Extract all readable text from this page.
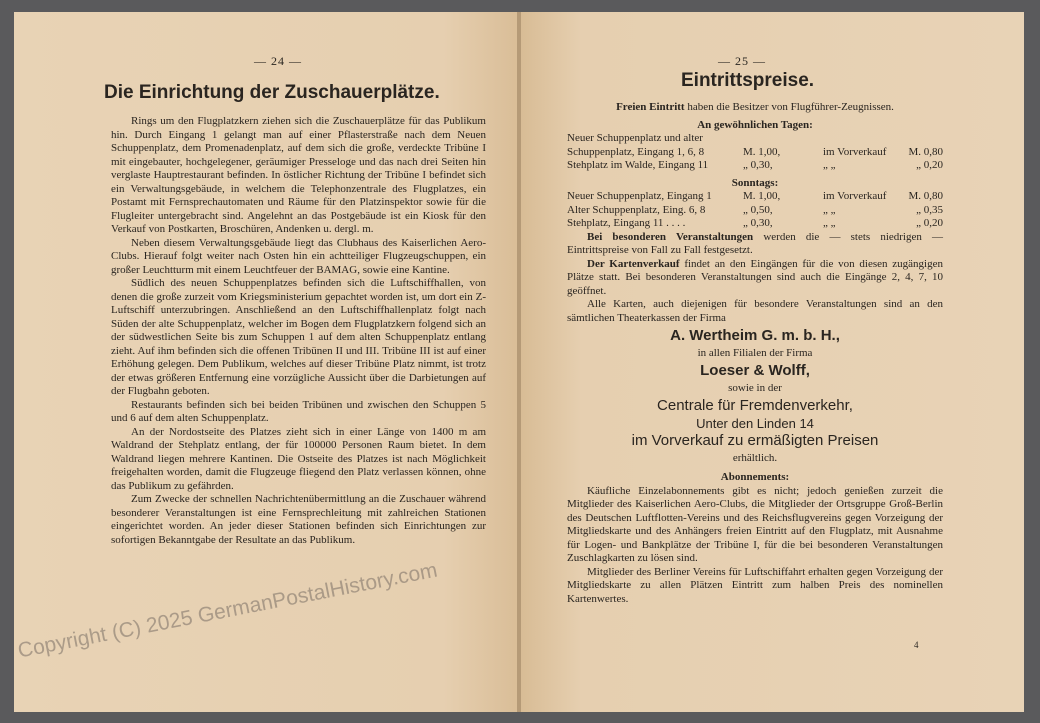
— 24 —
Die Einrichtung der Zuschauerplätze.

Rings um den Flugplatzkern ziehen sich die Zuschauerplätze für das Publikum hin. Durch Eingang 1 gelangt man auf einer Pflasterstraße nach dem Neuen Schuppenplatz, dem Promenadenplatz, auf dem sich die große, verdeckte Tribüne I mit eingebauter, hochgelegener, geräumiger Presseloge und das nach drei Seiten hin verglaste Hauptrestaurant befinden. In östlicher Richtung der Tribüne I befindet sich ein Verwaltungsgebäude, in welchem die Telephonzentrale des Flugplatzes, ein Postamt mit Fernsprechautomaten und Räume für den Platzinspektor sowie für die Flugleiter untergebracht sind. Angelehnt an das Postgebäude ist ein Kiosk für den Verkauf von Postkarten, Broschüren, Andenken u. dergl. m.

Neben diesem Verwaltungsgebäude liegt das Clubhaus des Kaiserlichen Aero-Clubs. Hierauf folgt weiter nach Osten hin ein achtteiliger Flugzeugschuppen, ein großer Leuchtturm mit einem Leuchtfeuer der BAMAG, sowie eine Kantine.

Südlich des neuen Schuppenplatzes befinden sich die Luftschiffhallen, von denen die große zurzeit vom Kriegsministerium gepachtet worden ist, um dort ein Z-Luftschiff unterzubringen. Anschließend an den Luftschiffhallenplatz folgt nach Süden der alte Schuppenplatz, welcher im Bogen dem Flugplatzkern folgend sich an der südwestlichen Seite bis zum Schuppen 1 auf dem alten Schuppenplatz entlang zieht. Auf ihm befinden sich die offenen Tribünen II und III. Tribüne III ist auf einer Erhöhung gelegen. Dem Publikum, welches auf dieser Tribüne Platz nimmt, ist trotz der etwas größeren Entfernung eine vorzügliche Aussicht über die Darbietungen auf der Flugbahn geboten.

Restaurants befinden sich bei beiden Tribünen und zwischen den Schuppen 5 und 6 auf dem alten Schuppenplatz.

An der Nordostseite des Platzes zieht sich in einer Länge von 1400 m am Waldrand der Stehplatz entlang, der für 100000 Personen Raum bietet. In dem Waldrand liegen mehrere Kantinen. Die Ostseite des Platzes ist nach Möglichkeit freigehalten worden, damit die Flugzeuge fliegend den Platz verlassen können, ohne das Publikum zu gefährden.

Zum Zwecke der schnellen Nachrichtenübermittlung an die Zuschauer während besonderer Veranstaltungen ist eine Fernsprechleitung mit zahlreichen Stationen eingerichtet worden. An jeder dieser Stationen befinden sich Einrichtungen zur sofortigen Bekanntgabe der Resultate an das Publikum.

— 25 —
Eintrittspreise.
Freien Eintritt haben die Besitzer von Flugführer-Zeugnissen.
An gewöhnlichen Tagen:
Neuer Schuppenplatz und alter
Schuppenplatz, Eingang 1, 6, 8	M. 1,00,	im Vorverkauf	M. 0,80
Stehplatz im Walde, Eingang 11	„ 0,30,	„ „	„ 0,20
Sonntags:
Neuer Schuppenplatz, Eingang 1	M. 1,00,	im Vorverkauf	M. 0,80
Alter Schuppenplatz, Eing. 6, 8	„ 0,50,	„ „	„ 0,35
Stehplatz, Eingang 11 . . . .	„ 0,30,	„ „	„ 0,20
Bei besonderen Veranstaltungen werden die — stets niedrigen — Eintrittspreise von Fall zu Fall festgesetzt.
Der Kartenverkauf findet an den Eingängen für die von diesen zugängigen Plätze statt. Bei besonderen Veranstaltungen sind auch die Eingänge 2, 4, 7, 10 geöffnet.
Alle Karten, auch diejenigen für besondere Veranstaltungen sind an den sämtlichen Theaterkassen der Firma
A. Wertheim G. m. b. H.,
in allen Filialen der Firma
Loeser & Wolff,
sowie in der
Centrale für Fremdenverkehr,
Unter den Linden 14
im Vorverkauf zu ermäßigten Preisen
erhältlich.
Abonnements:
Käufliche Einzelabonnements gibt es nicht; jedoch genießen zurzeit die Mitglieder des Kaiserlichen Aero-Clubs, die Mitglieder der Ortsgruppe Groß-Berlin des Deutschen Luftflotten-Vereins und des Reichsflugvereins gegen Vorzeigung der Mitgliedskarte und des Anhängers freien Eintritt auf den Flugplatz, mit Ausnahme für Logen- und Bankplätze der Tribüne I, für die bei besonderen Veranstaltungen Zuschlagkarten zu lösen sind.
Mitglieder des Berliner Vereins für Luftschiffahrt erhalten gegen Vorzeigung der Mitgliedskarte zu allen Plätzen Eintritt zum halben Preis des nominellen Kartenwertes.
4
Copyright (C) 2025 GermanPostalHistory.com
